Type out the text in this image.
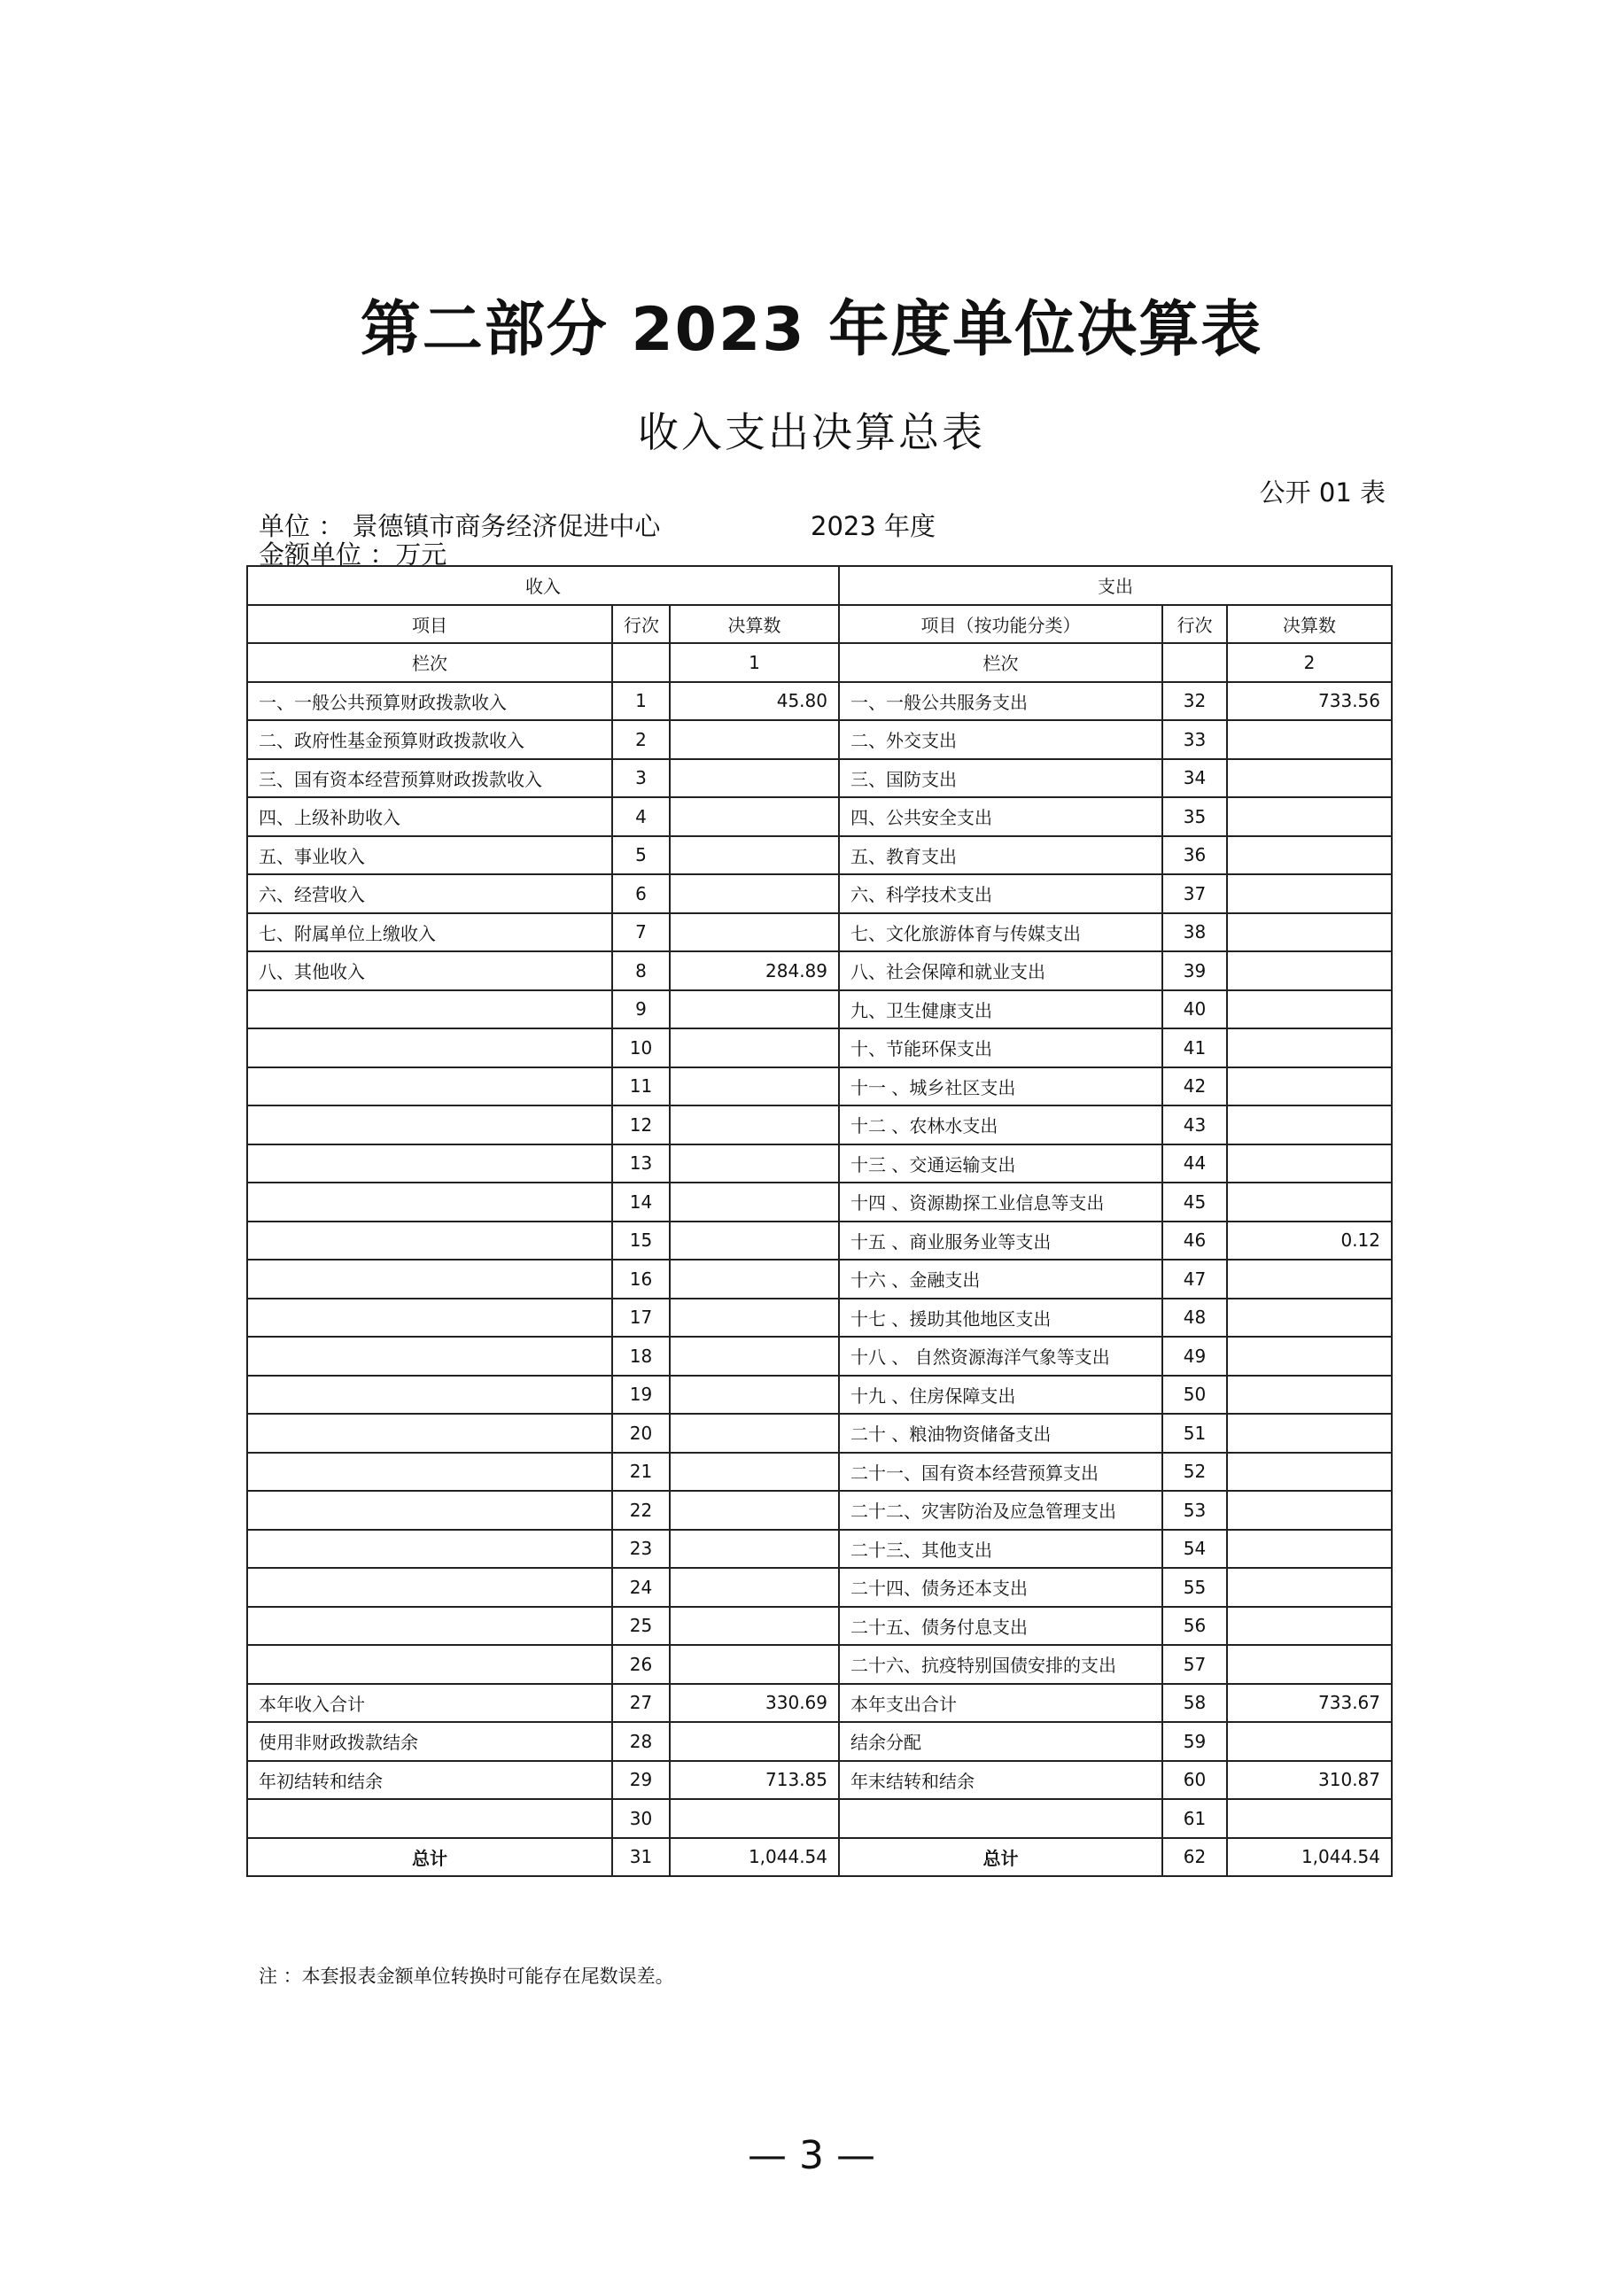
第二部分 2023 年度单位决算表
收入支出决算总表
公开 01 表
单位 ： 景德镇市商务经济促进中心	2023 年度
金额单位 ：万元
收入			支出		
项目	行次	决算数	项目（按功能分类）	行次	决算数
栏次		1	栏次		2
一、一般公共预算财政拨款收入	1	45.80	一、一般公共服务支出	32	733.56
二、政府性基金预算财政拨款收入	2		二、外交支出	33	
三、国有资本经营预算财政拨款收入	3		三、国防支出	34	
四、上级补助收入	4		四、公共安全支出	35	
五、事业收入	5		五、教育支出	36	
六、经营收入	6		六、科学技术支出	37	
七、附属单位上缴收入	7		七、文化旅游体育与传媒支出	38	
八、其他收入	8	284.89	八、社会保障和就业支出	39	
	9		九、卫生健康支出	40	
	10		十、节能环保支出	41	
	11		十一 、城乡社区支出	42	
	12		十二 、农林水支出	43	
	13		十三 、交通运输支出	44	
	14		十四 、资源勘探工业信息等支出	45	
	15		十五 、商业服务业等支出	46	0.12
	16		十六 、金融支出	47	
	17		十七 、援助其他地区支出	48	
	18		十八 、 自然资源海洋气象等支出	49	
	19		十九 、住房保障支出	50	
	20		二十 、粮油物资储备支出	51	
	21		二十一、国有资本经营预算支出	52	
	22		二十二、灾害防治及应急管理支出	53	
	23		二十三、其他支出	54	
	24		二十四、债务还本支出	55	
	25		二十五、债务付息支出	56	
	26		二十六、抗疫特别国债安排的支出	57	
本年收入合计	27	330.69	本年支出合计	58	733.67
使用非财政拨款结余	28		结余分配	59	
年初结转和结余	29	713.85	年末结转和结余	60	310.87
	30			61	
总计	31	1,044.54	总计	62	1,044.54
注 ：本套报表金额单位转换时可能存在尾数误差。
— 3 —
